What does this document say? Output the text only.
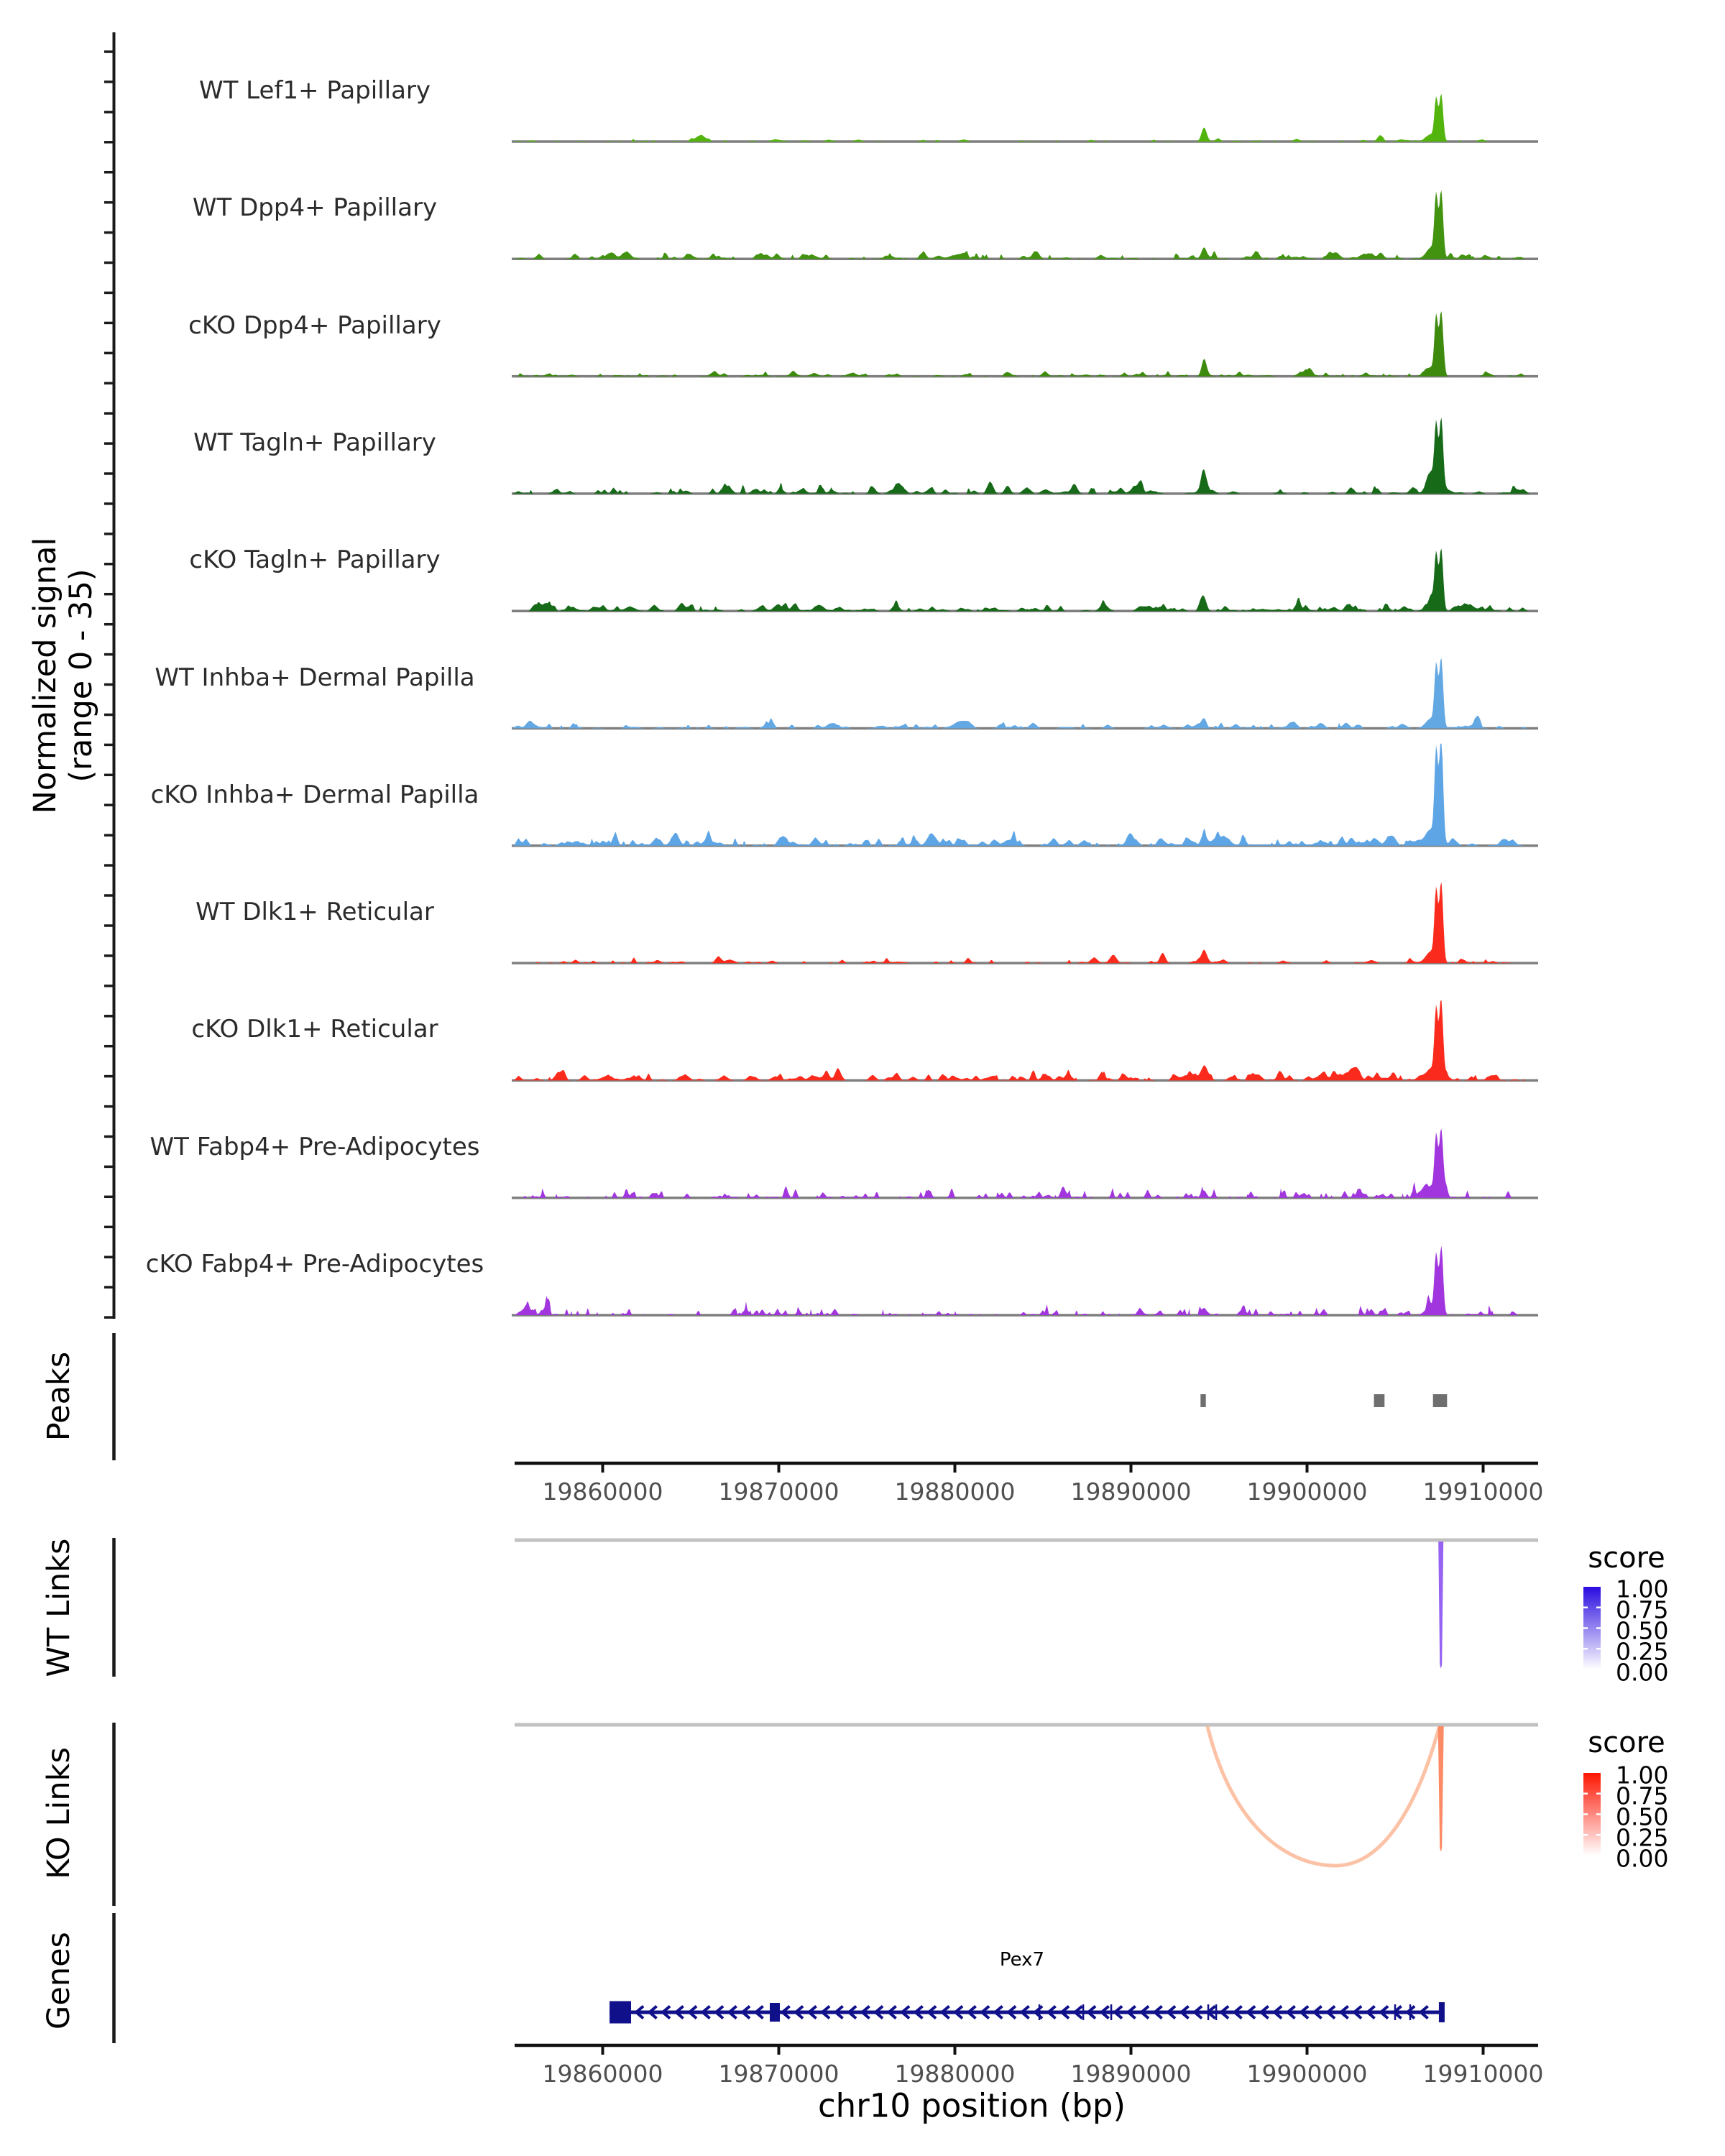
Normalized signal (range 0 - 35)
Peaks
WT Links
KO Links
Genes
score
score
Pex7
chr10 position (bp)
WT Lef1+ Papillary
WT Dpp4+ Papillary
cKO Dpp4+ Papillary
WT Tagln+ Papillary
cKO Tagln+ Papillary
WT Inhba+ Dermal Papilla
cKO Inhba+ Dermal Papilla
WT Dlk1+ Reticular
cKO Dlk1+ Reticular
WT Fabp4+ Pre-Adipocytes
cKO Fabp4+ Pre-Adipocytes
19860000 19870000 19880000 19890000 19900000 19910000
19860000 19870000 19880000 19890000 19900000 19910000
1.00
0.75
0.50
0.25
0.00
1.00
0.75
0.50
0.25
0.00
